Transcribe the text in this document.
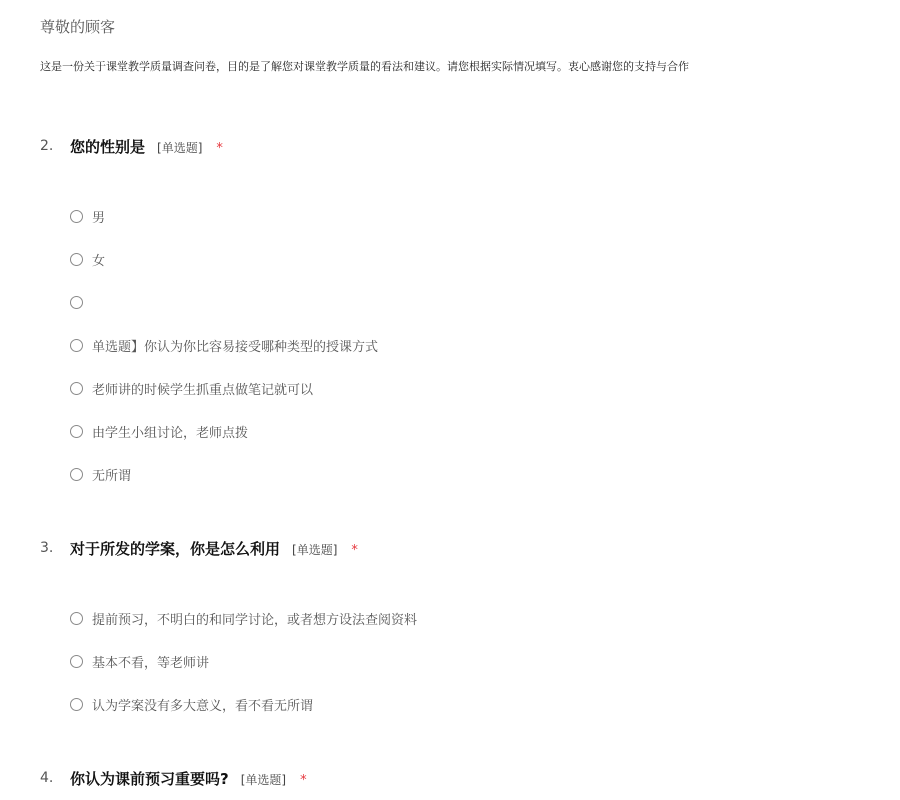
尊敬的顾客

这是一份关于课堂教学质量调查问卷，目的是了解您对课堂教学质量的看法和建议。请您根据实际情况填写。衷心感谢您的支持与合作

2. 您的性别是 [单选题] *
男
女
单选题】你认为你比容易接受哪种类型的授课方式
老师讲的时候学生抓重点做笔记就可以
由学生小组讨论，老师点拨
无所谓
3. 对于所发的学案，你是怎么利用 [单选题] *
提前预习，不明白的和同学讨论，或者想方设法查阅资料
基本不看，等老师讲
认为学案没有多大意义，看不看无所谓
4. 你认为课前预习重要吗? [单选题] *
